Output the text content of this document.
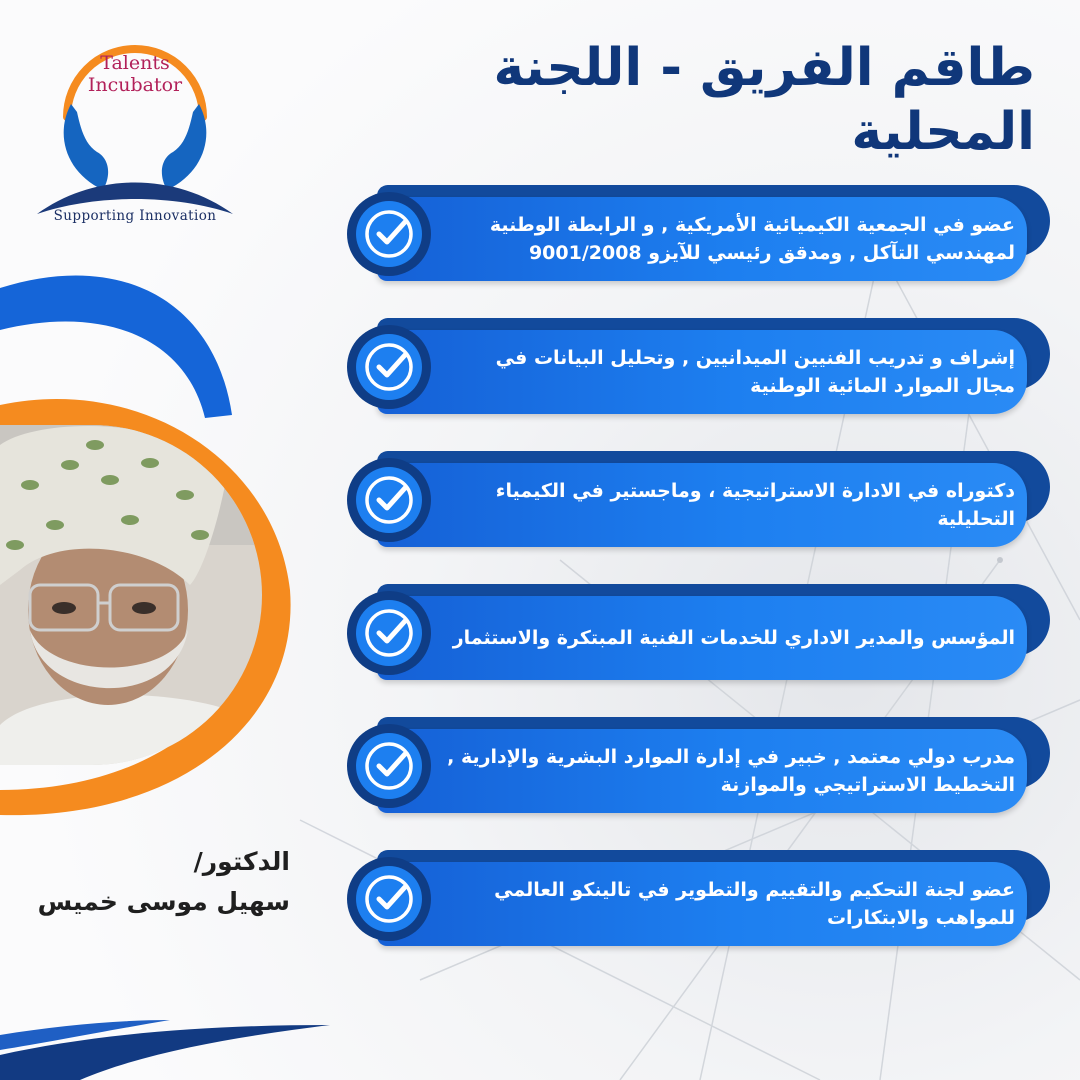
Talents
Incubator
Supporting Innovation
طاقم الفريق - اللجنة المحلية
الدكتور/
سهيل موسى خميس
عضو في الجمعية الكيميائية الأمريكية , و الرابطة الوطنية لمهندسي التآكل , ومدقق رئيسي للآيزو 9001/2008
إشراف و تدريب الفنيين الميدانيين , وتحليل البيانات في مجال الموارد المائية الوطنية
دكتوراه في الادارة الاستراتيجية ، وماجستير في الكيمياء التحليلية
المؤسس والمدير الاداري للخدمات الفنية المبتكرة والاستثمار
مدرب دولي معتمد , خبير في إدارة الموارد البشرية والإدارية , التخطيط الاستراتيجي والموازنة
عضو لجنة التحكيم والتقييم والتطوير في تالينكو العالمي للمواهب والابتكارات
